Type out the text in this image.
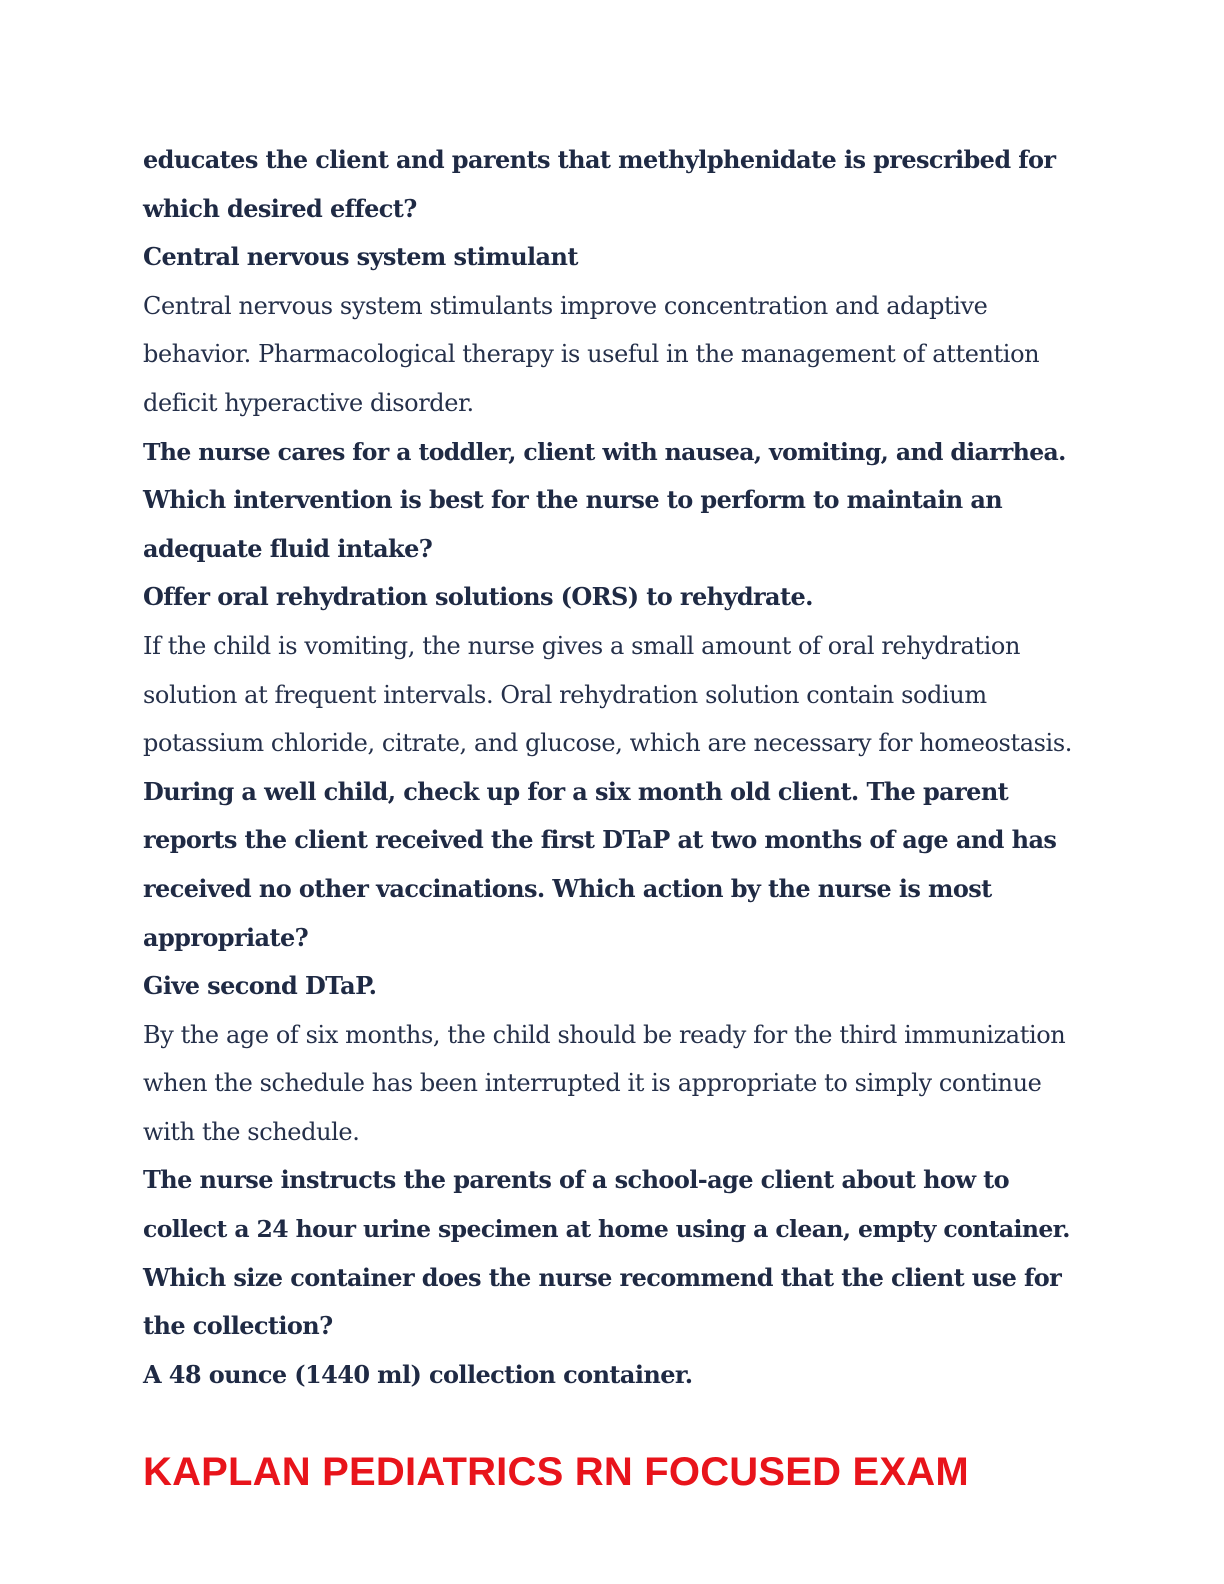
educates the client and parents that methylphenidate is prescribed for
which desired effect?
Central nervous system stimulant
Central nervous system stimulants improve concentration and adaptive
behavior. Pharmacological therapy is useful in the management of attention
deficit hyperactive disorder.
The nurse cares for a toddler, client with nausea, vomiting, and diarrhea.
Which intervention is best for the nurse to perform to maintain an
adequate fluid intake?
Offer oral rehydration solutions (ORS) to rehydrate.
If the child is vomiting, the nurse gives a small amount of oral rehydration
solution at frequent intervals. Oral rehydration solution contain sodium
potassium chloride, citrate, and glucose, which are necessary for homeostasis.
During a well child, check up for a six month old client. The parent
reports the client received the first DTaP at two months of age and has
received no other vaccinations. Which action by the nurse is most
appropriate?
Give second DTaP.
By the age of six months, the child should be ready for the third immunization
when the schedule has been interrupted it is appropriate to simply continue
with the schedule.
The nurse instructs the parents of a school-age client about how to
collect a 24 hour urine specimen at home using a clean, empty container.
Which size container does the nurse recommend that the client use for
the collection?
A 48 ounce (1440 ml) collection container.
KAPLAN PEDIATRICS RN FOCUSED EXAM
